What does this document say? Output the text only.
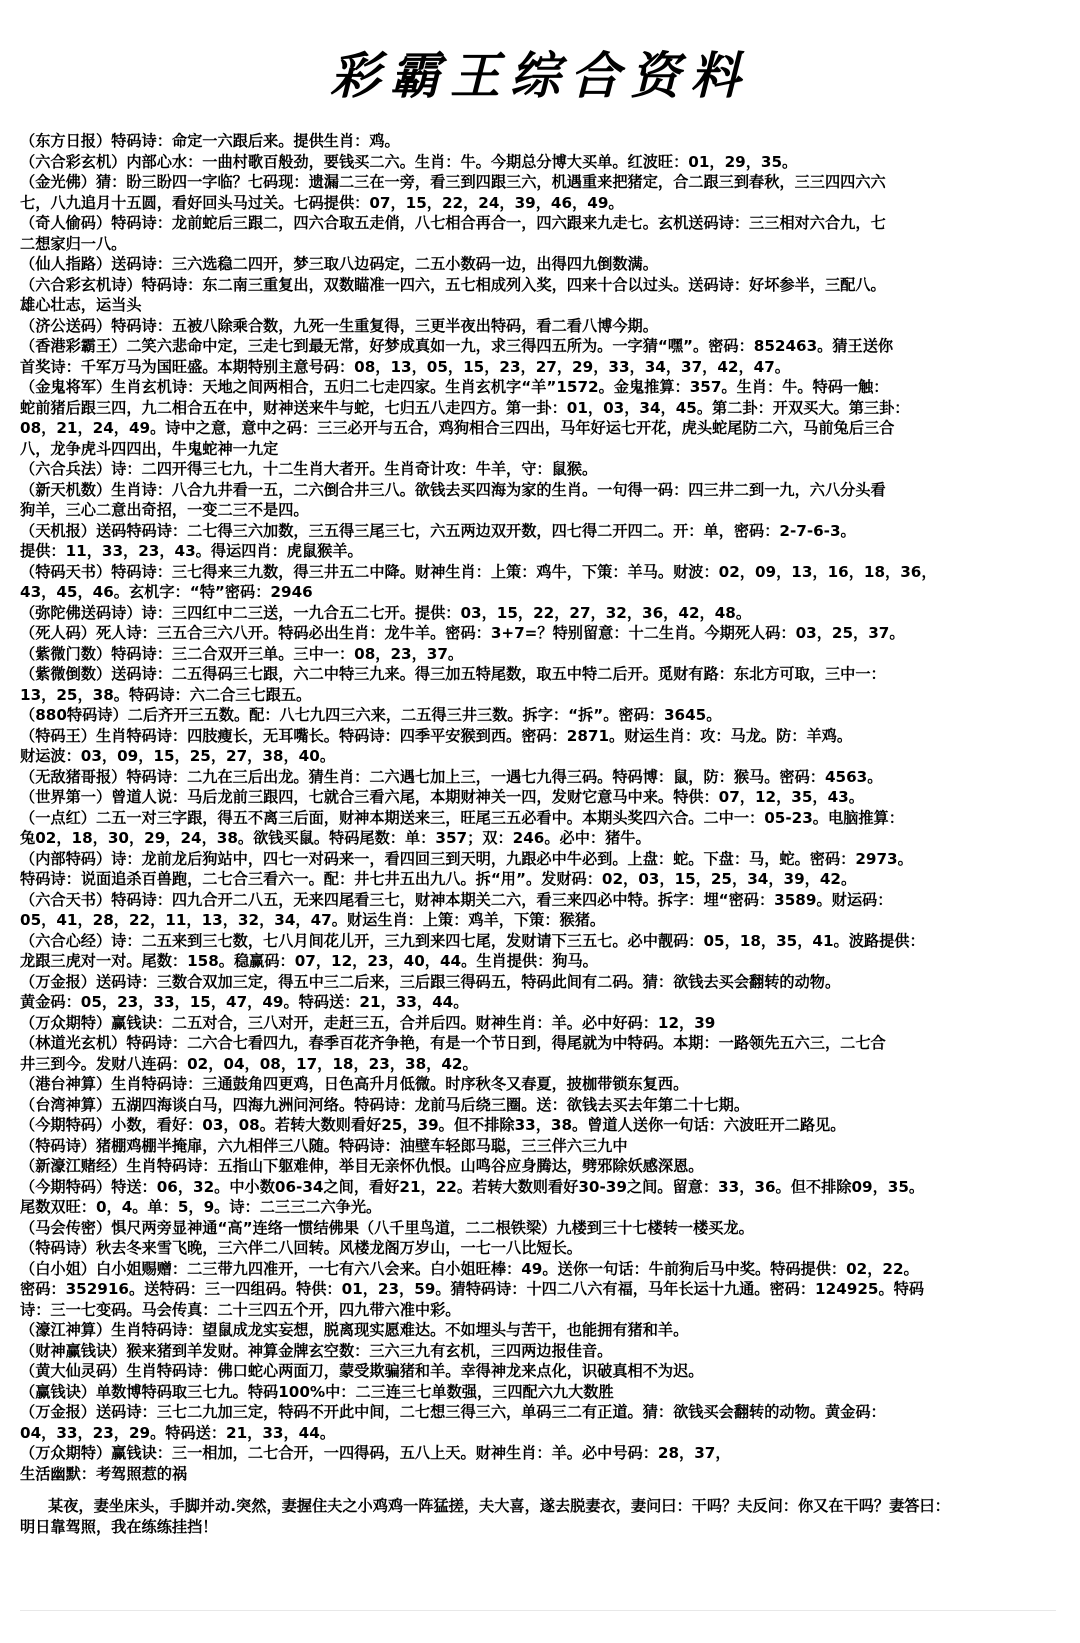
彩霸王综合资料
（东方日报）特码诗：命定一六跟后来。提供生肖：鸡。
（六合彩玄机）内部心水：一曲村歌百般劲，要钱买二六。生肖：牛。今期总分博大买单。红波旺：01，29，35。
（金光佛）猜：盼三盼四一字临？七码现：遗漏二三在一旁，看三到四跟三六，机遇重来把猪定，合二跟三到春秋，三三四四六六
七，八九追月十五圆，看好回头马过关。七码提供：07，15，22，24，39，46，49。
（奇人偷码）特码诗：龙前蛇后三跟二，四六合取五走俏，八七相合再合一，四六跟来九走七。玄机送码诗：三三相对六合九，七
二想家归一八。
（仙人指路）送码诗：三六选稳二四开，梦三取八边码定，二五小数码一边，出得四九倒数满。
（六合彩玄机诗）特码诗：东二南三重复出，双数瞄准一四六，五七相成列入奖，四来十合以过头。送码诗：好坏参半，三配八。
雄心壮志，运当头
（济公送码）特码诗：五被八除乘合数，九死一生重复得，三更半夜出特码，看二看八博今期。
（香港彩霸王）二笑六悲命中定，三走七到最无常，好梦成真如一九，求三得四五所为。一字猜“嘿”。密码：852463。猜王送你
首奖诗：千军万马为国旺盛。本期特别主意号码：08，13，05，15，23，27，29，33，34，37，42，47。
（金鬼将军）生肖玄机诗：天地之间两相合，五归二七走四家。生肖玄机字“羊”1572。金鬼推算：357。生肖：牛。特码一触：
蛇前猪后跟三四，九二相合五在中，财神送来牛与蛇，七归五八走四方。第一卦：01，03，34，45。第二卦：开双买大。第三卦：
08，21，24，49。诗中之意，意中之码：三三必开与五合，鸡狗相合三四出，马年好运七开花，虎头蛇尾防二六，马前兔后三合
八，龙争虎斗四四出，牛鬼蛇神一九定
（六合兵法）诗：二四开得三七九，十二生肖大者开。生肖奇计攻：牛羊，守：鼠猴。
（新天机数）生肖诗：八合九井看一五，二六倒合井三八。欲钱去买四海为家的生肖。一句得一码：四三井二到一九，六八分头看
狗羊，三心二意出奇招，一变二三不是四。
（天机报）送码特码诗：二七得三六加数，三五得三尾三七，六五两边双开数，四七得二开四二。开：单，密码：2-7-6-3。
提供：11，33，23，43。得运四肖：虎鼠猴羊。
（特码天书）特码诗：三七得来三九数，得三井五二中降。财神生肖：上策：鸡牛，下策：羊马。财波：02，09，13，16，18，36，
43，45，46。玄机字：“特”密码：2946
（弥陀佛送码诗）诗：三四红中二三送，一九合五二七开。提供：03，15，22，27，32，36，42，48。
（死人码）死人诗：三五合三六八开。特码必出生肖：龙牛羊。密码：3+7=？特别留意：十二生肖。今期死人码：03，25，37。
（紫微门数）特码诗：三二合双开三单。三中一：08，23，37。
（紫微倒数）送码诗：二五得码三七跟，六二中特三九来。得三加五特尾数，取五中特二后开。觅财有路：东北方可取，三中一：
13，25，38。特码诗：六二合三七跟五。
（880特码诗）二后齐开三五数。配：八七九四三六来，二五得三井三数。拆字：“拆”。密码：3645。
（特码王）生肖特码诗：四肢瘦长，无耳嘴长。特码诗：四季平安猴到西。密码：2871。财运生肖：攻：马龙。防：羊鸡。
财运波：03，09，15，25，27，38，40。
（无敌猪哥报）特码诗：二九在三后出龙。猜生肖：二六遇七加上三，一遇七九得三码。特码博：鼠，防：猴马。密码：4563。
（世界第一）曾道人说：马后龙前三跟四，七就合三看六尾，本期财神关一四，发财它意马中来。特供：07，12，35，43。
（一点红）二五一对三字跟，得五不离三后面，财神本期送来三，旺尾三五必看中。本期头奖四六合。二中一：05-23。电脑推算：
兔02，18，30，29，24，38。欲钱买鼠。特码尾数：单：357；双：246。必中：猪牛。
（内部特码）诗：龙前龙后狗站中，四七一对码来一，看四回三到天明，九跟必中牛必到。上盘：蛇。下盘：马，蛇。密码：2973。
特码诗：说面追杀百兽跑，二七合三看六一。配：井七井五出九八。拆“用”。发财码：02，03，15，25，34，39，42。
（六合天书）特码诗：四九合开二八五，无来四尾看三七，财神本期关二六，看三来四必中特。拆字：埋“密码：3589。财运码：
05，41，28，22，11，13，32，34，47。财运生肖：上策：鸡羊，下策：猴猪。
（六合心经）诗：二五来到三七数，七八月间花儿开，三九到来四七尾，发财请下三五七。必中靓码：05，18，35，41。波路提供：
龙跟三虎对一对。尾数：158。稳赢码：07，12，23，40，44。生肖提供：狗马。
（万金报）送码诗：三数合双加三定，得五中三二后来，三后跟三得码五，特码此间有二码。猜：欲钱去买会翻转的动物。
黄金码：05，23，33，15，47，49。特码送：21，33，44。
（万众期特）赢钱诀：二五对合，三八对开，走赶三五，合并后四。财神生肖：羊。必中好码：12，39
（林道光玄机）特码诗：二六合七看四九，春季百花齐争艳，有是一个节日到，得尾就为中特码。本期：一路领先五六三，二七合
井三到今。发财八连码：02，04，08，17，18，23，38，42。
（港台神算）生肖特码诗：三通鼓角四更鸡，日色高升月低微。时序秋冬又春夏，披枷带锁东复西。
（台湾神算）五湖四海谈白马，四海九洲问河络。特码诗：龙前马后绕三圈。送：欲钱去买去年第二十七期。
（今期特码）小数，看好：03，08。若转大数则看好25，39。但不排除33，38。曾道人送你一句话：六波旺开二路见。
（特码诗）猪棚鸡棚半掩扉，六九相伴三八随。特码诗：油壁车轻郎马聪，三三伴六三九中
（新濠江赌经）生肖特码诗：五指山下躯难伸，举目无亲怀仇恨。山鸣谷应身腾达，劈邪除妖感深恩。
（今期特码）特送：06，32。中小数06-34之间，看好21，22。若转大数则看好30-39之间。留意：33，36。但不排除09，35。
尾数双旺：0，4。单：5，9。诗：二三三二六争光。
（马会传密）惧尺两旁显神通“高”连络一惯结佛果（八千里鸟道，二二根铁梁）九楼到三十七楼转一楼买龙。
（特码诗）秋去冬来雪飞晚，三六伴二八回转。风楼龙阁万岁山，一七一八比短长。
（白小姐）白小姐赐赠：二三带九四准开，一七有六八会来。白小姐旺棒：49。送你一句话：牛前狗后马中奖。特码提供：02，22。
密码：352916。送特码：三一四组码。特供：01，23，59。猜特码诗：十四二八六有福，马年长运十九通。密码：124925。特码
诗：三一七变码。马会传真：二十三四五个开，四九带六准中彩。
（濠江神算）生肖特码诗：望鼠成龙实妄想，脱离现实愿难达。不如埋头与苦干，也能拥有猪和羊。
（财神赢钱诀）猴来猪到羊发财。神算金牌玄空数：三六三九有玄机，三四两边报佳音。
（黄大仙灵码）生肖特码诗：佛口蛇心两面刀，蒙受欺骗猪和羊。幸得神龙来点化，识破真相不为迟。
（赢钱诀）单数博特码取三七九。特码100%中：二三连三七单数强，三四配六九大数胜
（万金报）送码诗：三七二九加三定，特码不开此中间，二七想三得三六，单码三二有正道。猜：欲钱买会翻转的动物。黄金码：
04，33，23，29。特码送：21，33，44。
（万众期特）赢钱诀：三一相加，二七合开，一四得码，五八上天。财神生肖：羊。必中号码：28，37，
生活幽默：考驾照惹的祸
某夜，妻坐床头，手脚并动.突然，妻握住夫之小鸡鸡一阵猛搓，夫大喜，遂去脱妻衣，妻问曰：干吗？夫反问：你又在干吗？妻答曰：
明日靠驾照，我在练练挂挡！
